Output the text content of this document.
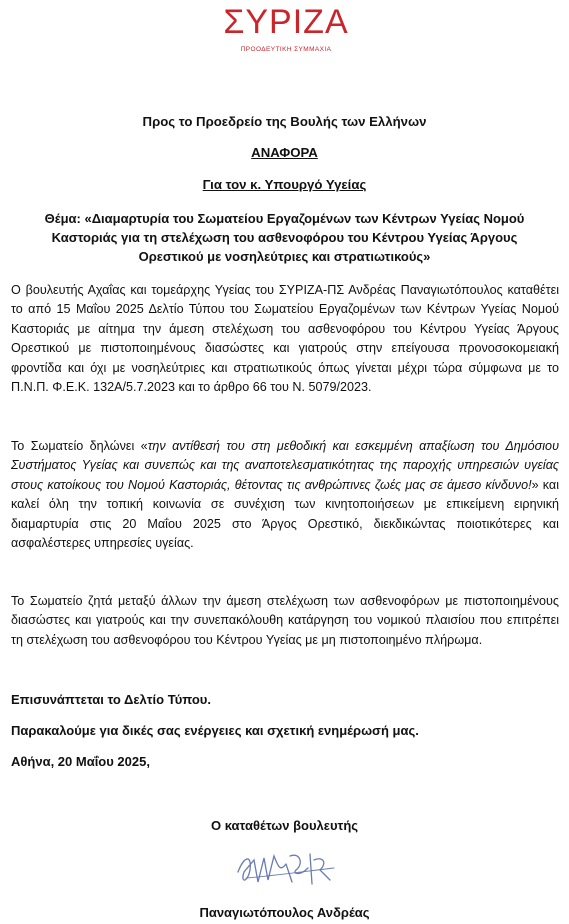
ΣΥΡΙΖΑ
ΠΡΟΟΔΕΥΤΙΚΗ ΣΥΜΜΑΧΙΑ
Προς το Προεδρείο της Βουλής των Ελλήνων
ΑΝΑΦΟΡΑ
Για τον κ. Υπουργό Υγείας
Θέμα: «Διαμαρτυρία του Σωματείου Εργαζομένων των Κέντρων Υγείας Νομού Καστοριάς για τη στελέχωση του ασθενοφόρου του Κέντρου Υγείας Άργους Ορεστικού με νοσηλεύτριες και στρατιωτικούς»
Ο βουλευτής Αχαΐας και τομεάρχης Υγείας του ΣΥΡΙΖΑ-ΠΣ Ανδρέας Παναγιωτόπουλος καταθέτει το από 15 Μαΐου 2025 Δελτίο Τύπου του Σωματείου Εργαζομένων των Κέντρων Υγείας Νομού Καστοριάς με αίτημα την άμεση στελέχωση του ασθενοφόρου του Κέντρου Υγείας Άργους Ορεστικού με πιστοποιημένους διασώστες και γιατρούς στην επείγουσα προνοσοκομειακή φροντίδα και όχι με νοσηλεύτριες και στρατιωτικούς όπως γίνεται μέχρι τώρα σύμφωνα με το Π.Ν.Π. Φ.Ε.Κ. 132Α/5.7.2023 και το άρθρο 66 του Ν. 5079/2023.
Το Σωματείο δηλώνει «την αντίθεσή του στη μεθοδική και εσκεμμένη απαξίωση του Δημόσιου Συστήματος Υγείας και συνεπώς και της αναποτελεσματικότητας της παροχής υπηρεσιών υγείας στους κατοίκους του Νομού Καστοριάς, θέτοντας τις ανθρώπινες ζωές μας σε άμεσο κίνδυνο!» και καλεί όλη την τοπική κοινωνία σε συνέχιση των κινητοποιήσεων με επικείμενη ειρηνική διαμαρτυρία στις 20 Μαΐου 2025 στο Άργος Ορεστικό, διεκδικώντας ποιοτικότερες και ασφαλέστερες υπηρεσίες υγείας.
Το Σωματείο ζητά μεταξύ άλλων την άμεση στελέχωση των ασθενοφόρων με πιστοποιημένους διασώστες και γιατρούς και την συνεπακόλουθη κατάργηση του νομικού πλαισίου που επιτρέπει τη στελέχωση του ασθενοφόρου του Κέντρου Υγείας με μη πιστοποιημένο πλήρωμα.
Επισυνάπτεται το Δελτίο Τύπου.
Παρακαλούμε για δικές σας ενέργειες και σχετική ενημέρωσή μας.
Αθήνα, 20 Μαΐου 2025,
Ο καταθέτων βουλευτής
Παναγιωτόπουλος Ανδρέας
